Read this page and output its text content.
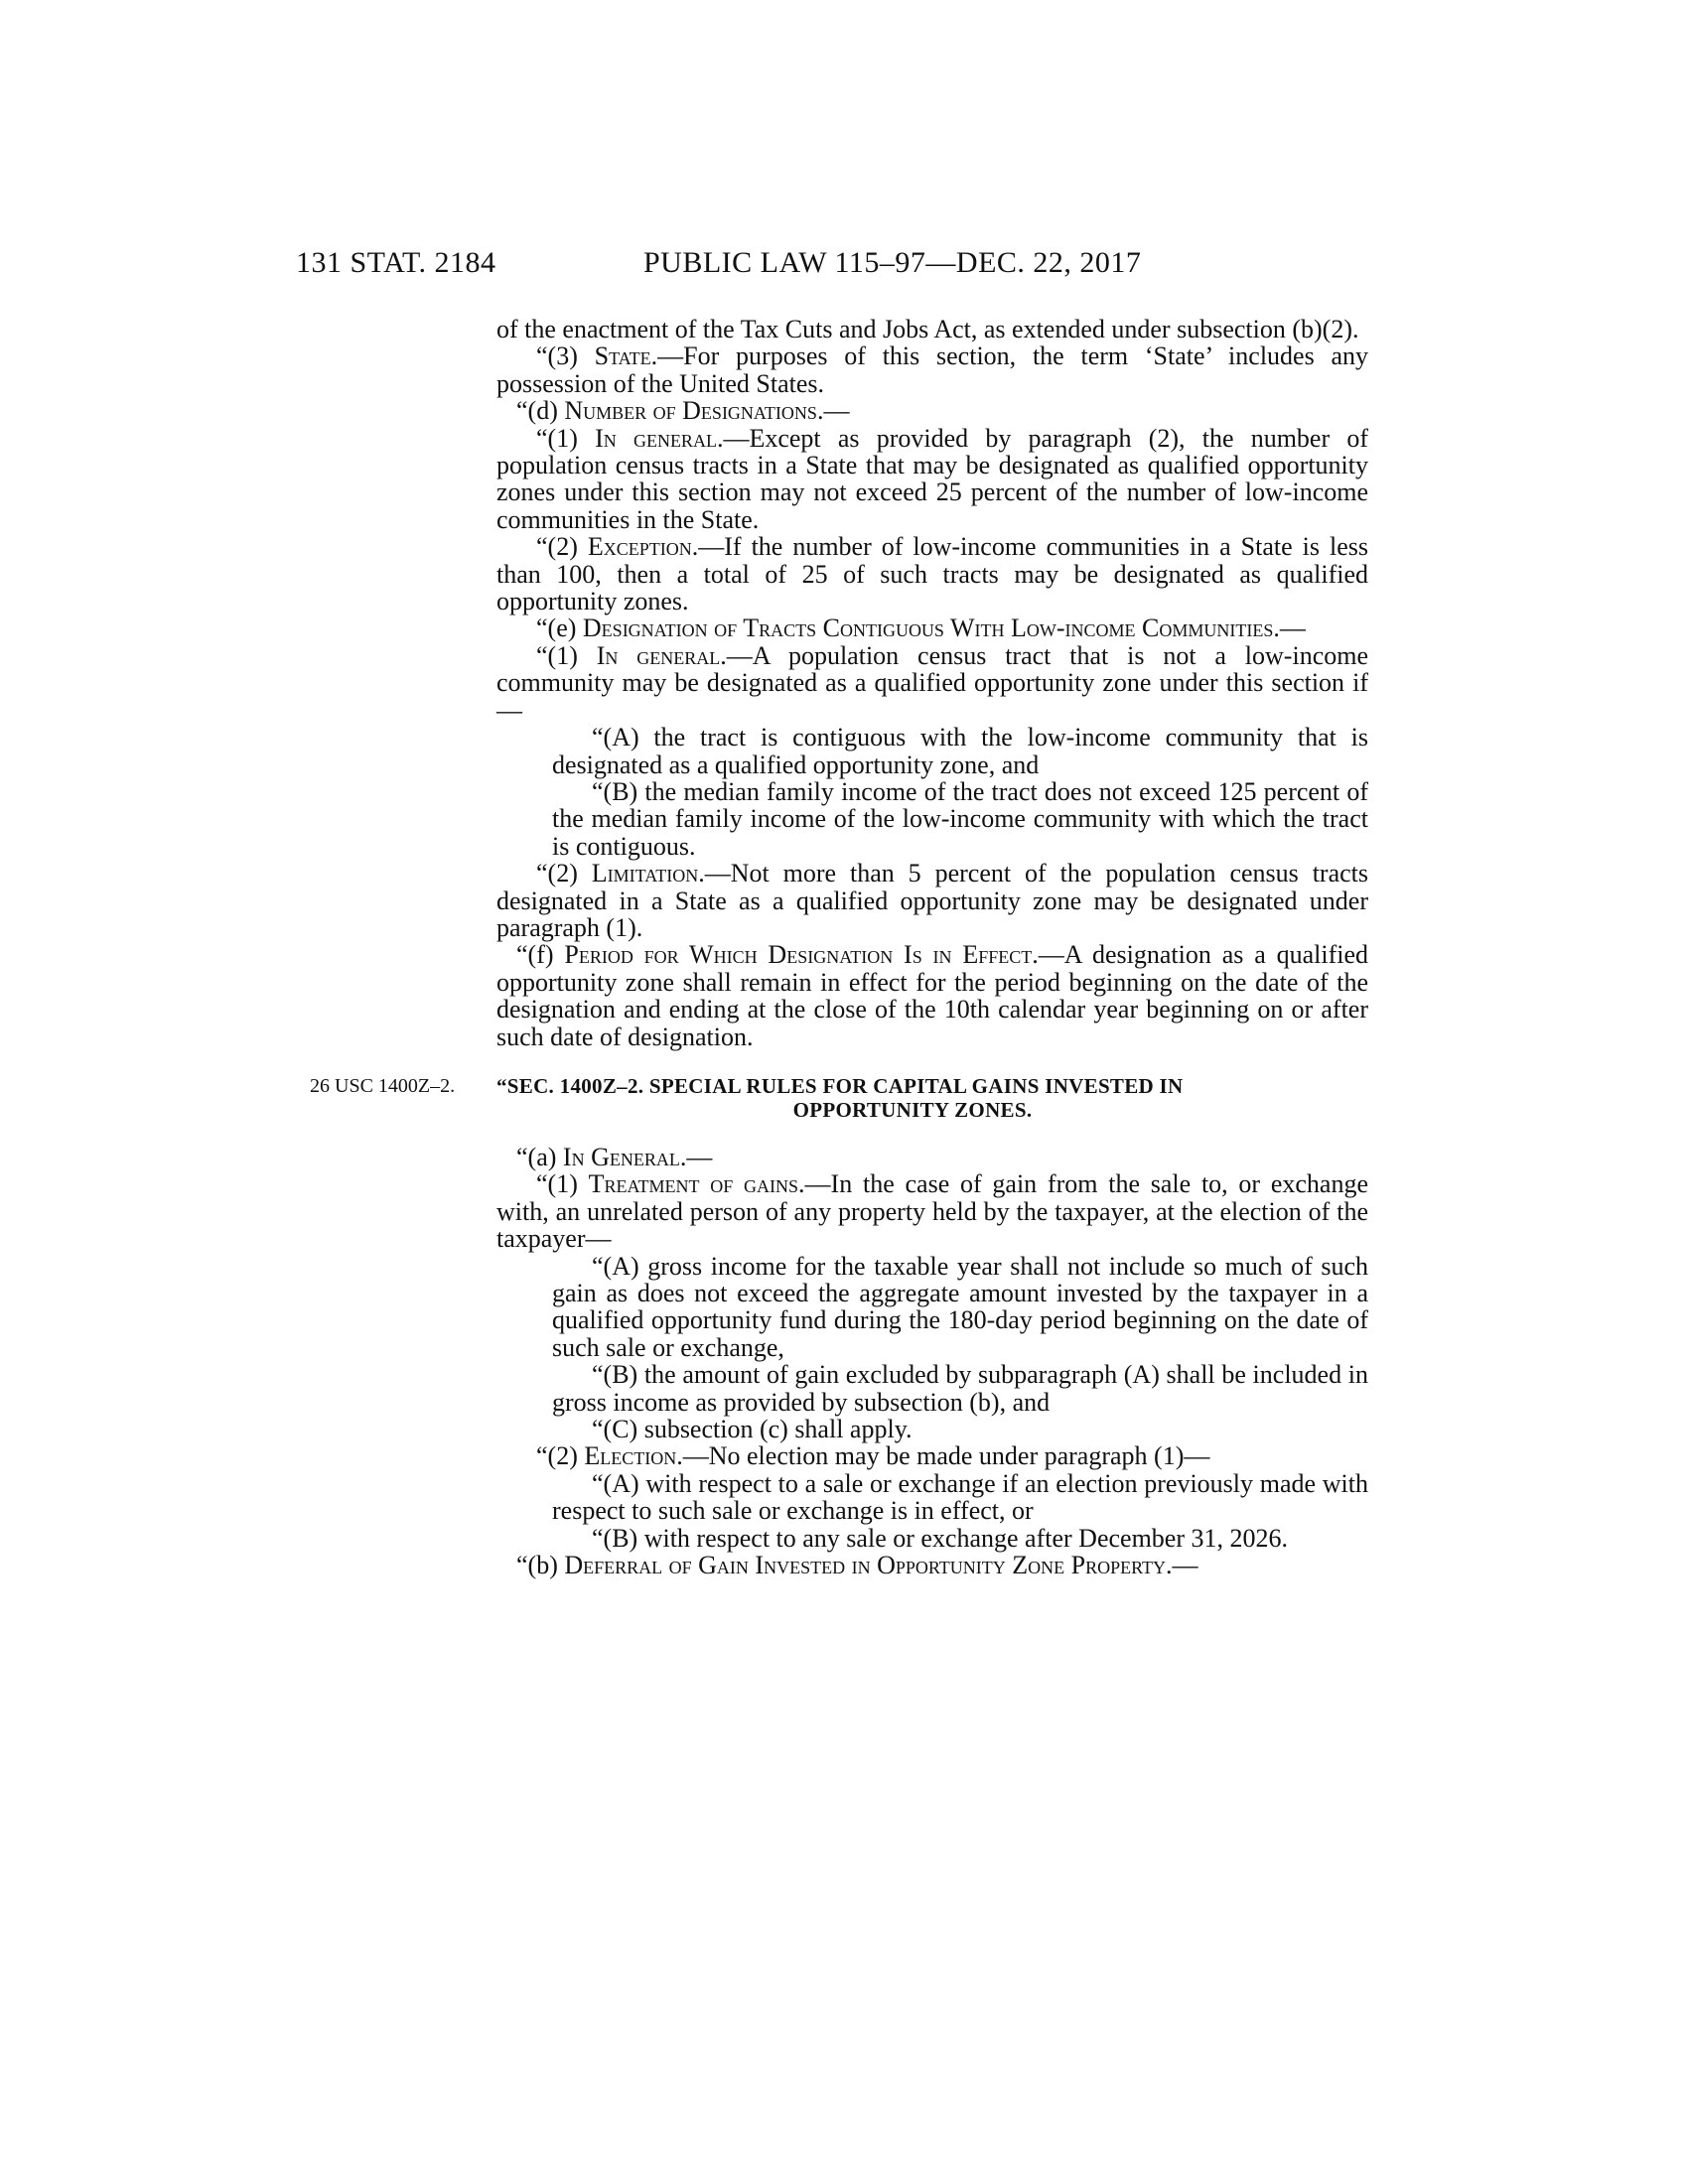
131 STAT. 2184	PUBLIC LAW 115–97—DEC. 22, 2017

of the enactment of the Tax Cuts and Jobs Act, as extended under subsection (b)(2).

“(3) State.—For purposes of this section, the term ‘State’ includes any possession of the United States.

“(d) Number of Designations.—

“(1) In general.—Except as provided by paragraph (2), the number of population census tracts in a State that may be designated as qualified opportunity zones under this section may not exceed 25 percent of the number of low-income communities in the State.

“(2) Exception.—If the number of low-income communities in a State is less than 100, then a total of 25 of such tracts may be designated as qualified opportunity zones.

“(e) Designation of Tracts Contiguous With Low-income Communities.—

“(1) In general.—A population census tract that is not a low-income community may be designated as a qualified opportunity zone under this section if—

“(A) the tract is contiguous with the low-income community that is designated as a qualified opportunity zone, and

“(B) the median family income of the tract does not exceed 125 percent of the median family income of the low-income community with which the tract is contiguous.

“(2) Limitation.—Not more than 5 percent of the population census tracts designated in a State as a qualified opportunity zone may be designated under paragraph (1).

“(f) Period for Which Designation Is in Effect.—A designation as a qualified opportunity zone shall remain in effect for the period beginning on the date of the designation and ending at the close of the 10th calendar year beginning on or after such date of designation.

26 USC 1400Z–2. “SEC. 1400Z–2. SPECIAL RULES FOR CAPITAL GAINS INVESTED IN
OPPORTUNITY ZONES.

“(a) In General.—

“(1) Treatment of gains.—In the case of gain from the sale to, or exchange with, an unrelated person of any property held by the taxpayer, at the election of the taxpayer—

“(A) gross income for the taxable year shall not include so much of such gain as does not exceed the aggregate amount invested by the taxpayer in a qualified opportunity fund during the 180-day period beginning on the date of such sale or exchange,

“(B) the amount of gain excluded by subparagraph (A) shall be included in gross income as provided by subsection (b), and

“(C) subsection (c) shall apply.

“(2) Election.—No election may be made under paragraph (1)—

“(A) with respect to a sale or exchange if an election previously made with respect to such sale or exchange is in effect, or

“(B) with respect to any sale or exchange after December 31, 2026.

“(b) Deferral of Gain Invested in Opportunity Zone Property.—
